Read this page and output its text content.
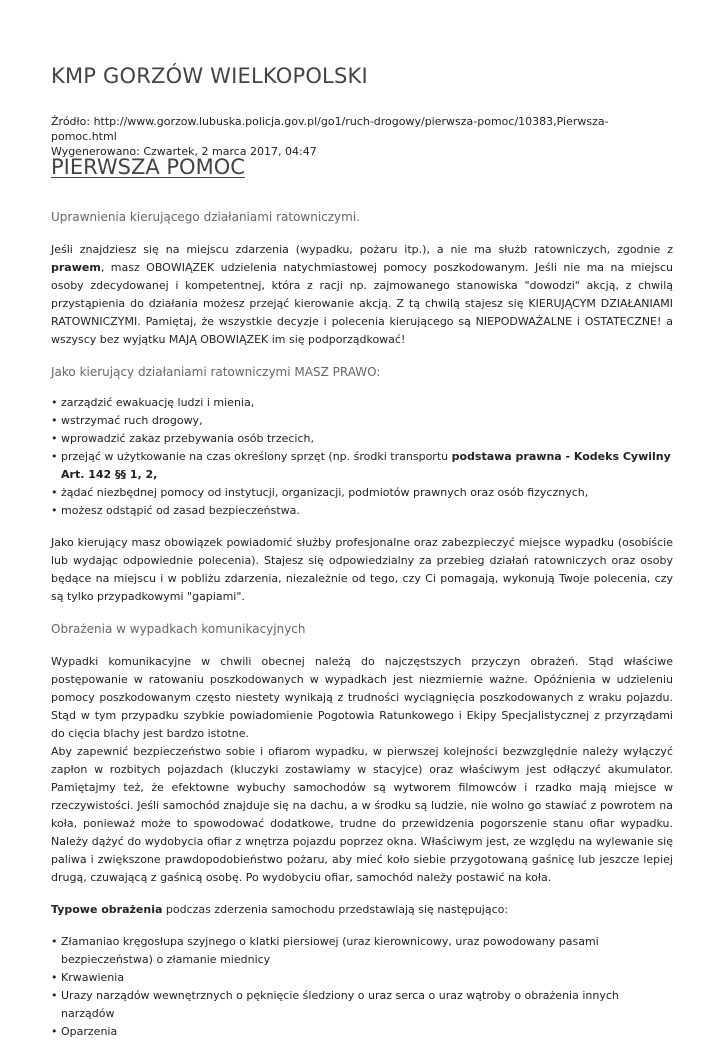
KMP GORZÓW WIELKOPOLSKI
Źródło: http://www.gorzow.lubuska.policja.gov.pl/go1/ruch-drogowy/pierwsza-pomoc/10383,Pierwsza-pomoc.html
Wygenerowano: Czwartek, 2 marca 2017, 04:47
PIERWSZA POMOC
Uprawnienia kierującego działaniami ratowniczymi.

Jeśli znajdziesz się na miejscu zdarzenia (wypadku, pożaru itp.), a nie ma służb ratowniczych, zgodnie z prawem, masz OBOWIĄZEK udzielenia natychmiastowej pomocy poszkodowanym. Jeśli nie ma na miejscu osoby zdecydowanej i kompetentnej, która z racji np. zajmowanego stanowiska "dowodzi" akcją, z chwilą przystąpienia do działania możesz przejąć kierowanie akcją. Z tą chwilą stajesz się KIERUJĄCYM DZIAŁANIAMI RATOWNICZYMI. Pamiętaj, że wszystkie decyzje i polecenia kierującego są NIEPODWAŻALNE i OSTATECZNE! a wszyscy bez wyjątku MAJĄ OBOWIĄZEK im się podporządkować!

Jako kierujący działaniami ratowniczymi MASZ PRAWO:
• zarządzić ewakuację ludzi i mienia,
• wstrzymać ruch drogowy,
• wprowadzić zakaz przebywania osób trzecich,
• przejąć w użytkowanie na czas określony sprzęt (np. środki transportu podstawa prawna - Kodeks Cywilny Art. 142 §§ 1, 2,
• żądać niezbędnej pomocy od instytucji, organizacji, podmiotów prawnych oraz osób fizycznych,
• możesz odstąpić od zasad bezpieczeństwa.

Jako kierujący masz obowiązek powiadomić służby profesjonalne oraz zabezpieczyć miejsce wypadku (osobiście lub wydając odpowiednie polecenia). Stajesz się odpowiedzialny za przebieg działań ratowniczych oraz osoby będące na miejscu i w pobliżu zdarzenia, niezależnie od tego, czy Ci pomagają, wykonują Twoje polecenia, czy są tylko przypadkowymi "gapiami".

Obrażenia w wypadkach komunikacyjnych

Wypadki komunikacyjne w chwili obecnej należą do najczęstszych przyczyn obrażeń. Stąd właściwe postępowanie w ratowaniu poszkodowanych w wypadkach jest niezmiernie ważne. Opóźnienia w udzieleniu pomocy poszkodowanym często niestety wynikają z trudności wyciągnięcia poszkodowanych z wraku pojazdu. Stąd w tym przypadku szybkie powiadomienie Pogotowia Ratunkowego i Ekipy Specjalistycznej z przyrządami do cięcia blachy jest bardzo istotne.
Aby zapewnić bezpieczeństwo sobie i ofiarom wypadku, w pierwszej kolejności bezwzględnie należy wyłączyć zapłon w rozbitych pojazdach (kluczyki zostawiamy w stacyjce) oraz właściwym jest odłączyć akumulator. Pamiętajmy też, że efektowne wybuchy samochodów są wytworem filmowców i rzadko mają miejsce w rzeczywistości. Jeśli samochód znajduje się na dachu, a w środku są ludzie, nie wolno go stawiać z powrotem na koła, ponieważ może to spowodować dodatkowe, trudne do przewidzenia pogorszenie stanu ofiar wypadku. Należy dążyć do wydobycia ofiar z wnętrza pojazdu poprzez okna. Właściwym jest, ze względu na wylewanie się paliwa i zwiększone prawdopodobieństwo pożaru, aby mieć koło siebie przygotowaną gaśnicę lub jeszcze lepiej drugą, czuwającą z gaśnicą osobę. Po wydobyciu ofiar, samochód należy postawić na koła.

Typowe obrażenia podczas zderzenia samochodu przedstawiają się następująco:

• Złamaniao kręgosłupa szyjnego o klatki piersiowej (uraz kierownicowy, uraz powodowany pasami bezpieczeństwa) o złamanie miednicy
• Krwawienia
• Urazy narządów wewnętrznych o pęknięcie śledziony o uraz serca o uraz wątroby o obrażenia innych narządów
• Oparzenia
